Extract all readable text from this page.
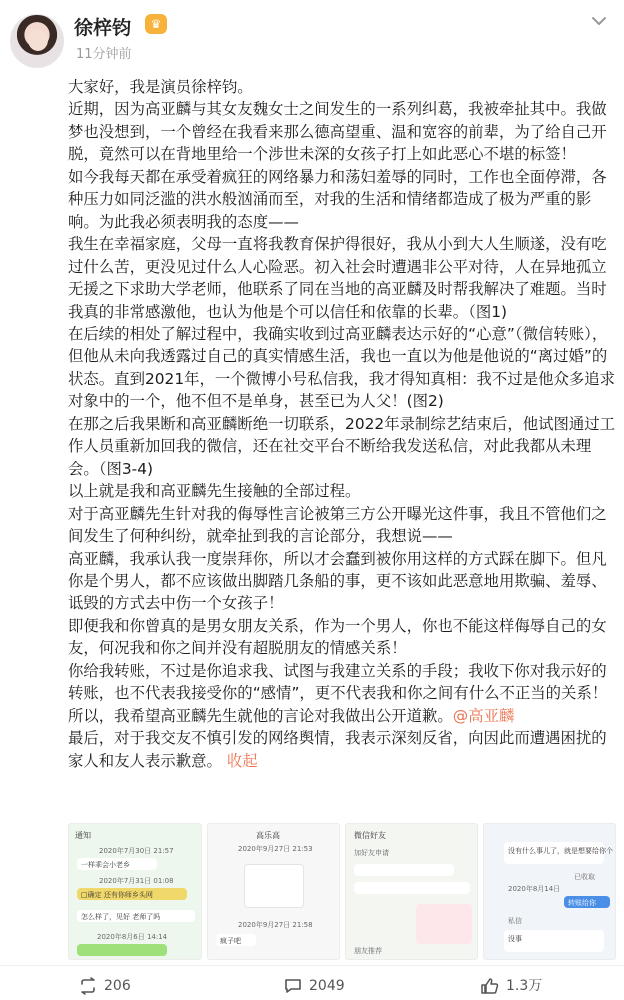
徐梓钧	♛
11分钟前

大家好，我是演员徐梓钧。

近期，因为高亚麟与其女友魏女士之间发生的一系列纠葛，我被牵扯其中。我做梦也没想到，一个曾经在我看来那么德高望重、温和宽容的前辈，为了给自己开脱，竟然可以在背地里给一个涉世未深的女孩子打上如此恶心不堪的标签！

如今我每天都在承受着疯狂的网络暴力和荡妇羞辱的同时，工作也全面停滞，各种压力如同泛滥的洪水般汹涌而至，对我的生活和情绪都造成了极为严重的影响。为此我必须表明我的态度——

我生在幸福家庭，父母一直将我教育保护得很好，我从小到大人生顺遂，没有吃过什么苦，更没见过什么人心险恶。初入社会时遭遇非公平对待，人在异地孤立无援之下求助大学老师，他联系了同在当地的高亚麟及时帮我解决了难题。当时我真的非常感激他，也认为他是个可以信任和依靠的长辈。（图1)

在后续的相处了解过程中，我确实收到过高亚麟表达示好的“心意”（微信转账），但他从未向我透露过自己的真实情感生活，我也一直以为他是他说的“离过婚”的状态。直到2021年，一个微博小号私信我，我才得知真相：我不过是他众多追求对象中的一个，他不但不是单身，甚至已为人父！(图2)

在那之后我果断和高亚麟断绝一切联系，2022年录制综艺结束后，他试图通过工作人员重新加回我的微信，还在社交平台不断给我发送私信，对此我都从未理会。（图3-4)

以上就是我和高亚麟先生接触的全部过程。

对于高亚麟先生针对我的侮辱性言论被第三方公开曝光这件事，我且不管他们之间发生了何种纠纷，就牵扯到我的言论部分，我想说——

高亚麟，我承认我一度崇拜你，所以才会蠢到被你用这样的方式踩在脚下。但凡你是个男人，都不应该做出脚踏几条船的事，更不该如此恶意地用欺骗、羞辱、诋毁的方式去中伤一个女孩子！

即便我和你曾真的是男女朋友关系，作为一个男人，你也不能这样侮辱自己的女友，何况我和你之间并没有超脱朋友的情感关系！

你给我转账，不过是你追求我、试图与我建立关系的手段；我收下你对我示好的转账，也不代表我接受你的“感情”，更不代表我和你之间有什么不正当的关系！

所以，我希望高亚麟先生就他的言论对我做出公开道歉。@高亚麟

最后，对于我交友不慎引发的网络舆情，我表示深刻反省，向因此而遭遇困扰的家人和友人表示歉意。 收起

通知
2020年7月30日 21:57
一样乖会小老乡
2020年7月31日 01:08
□确定 还有你师乡头网
怎么样了，见好 老师了吗
2020年8月6日 14:14
高乐高
2020年9月27日 21:53
2020年9月27日 21:58
疯子吧
微信好友
加好友申请
朋友推荐
没有什么事儿了，就是想要给你个
已收取
2020年8月14日
转账给你
私信
没事
206	2049	1.3万
